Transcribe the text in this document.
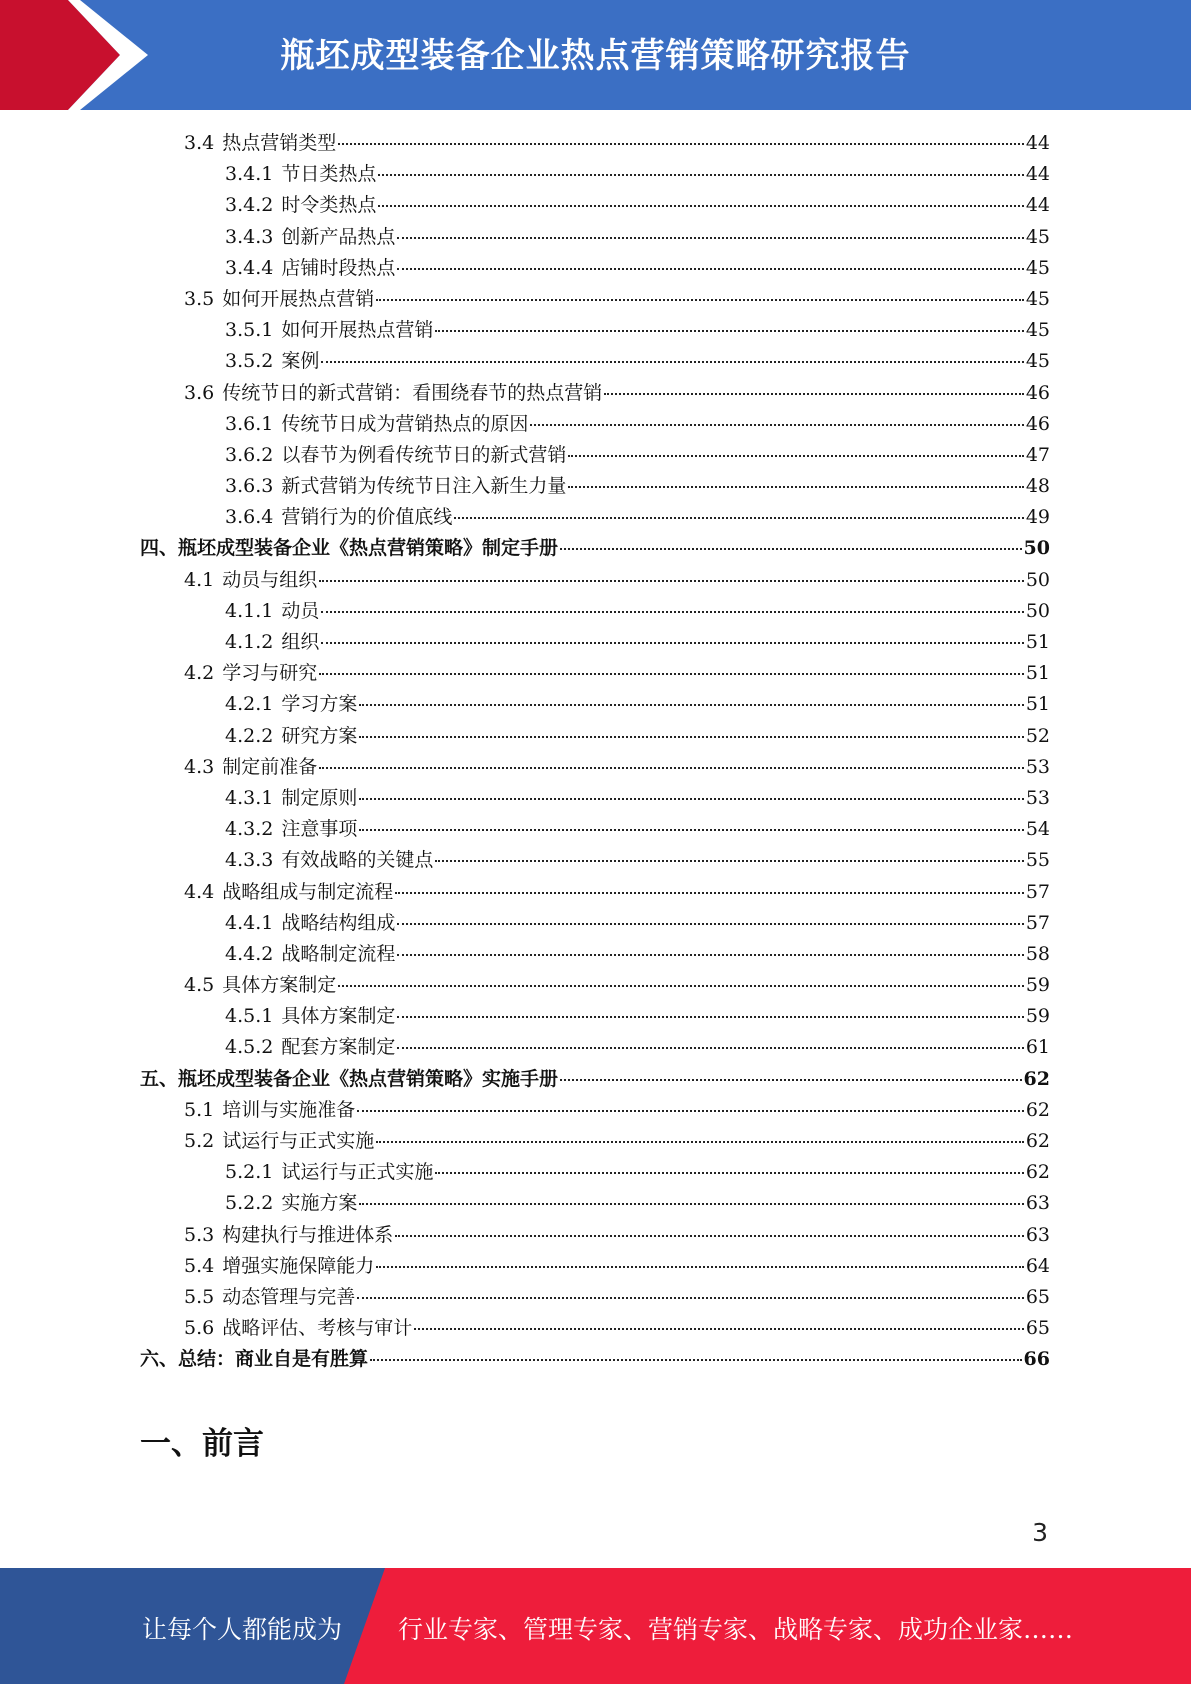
瓶坯成型装备企业热点营销策略研究报告
3.4 热点营销类型	44
3.4.1 节日类热点	44
3.4.2 时令类热点	44
3.4.3 创新产品热点	45
3.4.4 店铺时段热点	45
3.5 如何开展热点营销	45
3.5.1 如何开展热点营销	45
3.5.2 案例	45
3.6 传统节日的新式营销：看围绕春节的热点营销	46
3.6.1 传统节日成为营销热点的原因	46
3.6.2 以春节为例看传统节日的新式营销	47
3.6.3 新式营销为传统节日注入新生力量	48
3.6.4 营销行为的价值底线	49
四、瓶坯成型装备企业《热点营销策略》制定手册	50
4.1 动员与组织	50
4.1.1 动员	50
4.1.2 组织	51
4.2 学习与研究	51
4.2.1 学习方案	51
4.2.2 研究方案	52
4.3 制定前准备	53
4.3.1 制定原则	53
4.3.2 注意事项	54
4.3.3 有效战略的关键点	55
4.4 战略组成与制定流程	57
4.4.1 战略结构组成	57
4.4.2 战略制定流程	58
4.5 具体方案制定	59
4.5.1 具体方案制定	59
4.5.2 配套方案制定	61
五、瓶坯成型装备企业《热点营销策略》实施手册	62
5.1 培训与实施准备	62
5.2 试运行与正式实施	62
5.2.1 试运行与正式实施	62
5.2.2 实施方案	63
5.3 构建执行与推进体系	63
5.4 增强实施保障能力	64
5.5 动态管理与完善	65
5.6 战略评估、考核与审计	65
六、总结：商业自是有胜算	66
一、前言
3
让每个人都能成为 行业专家、管理专家、营销专家、战略专家、成功企业家……
